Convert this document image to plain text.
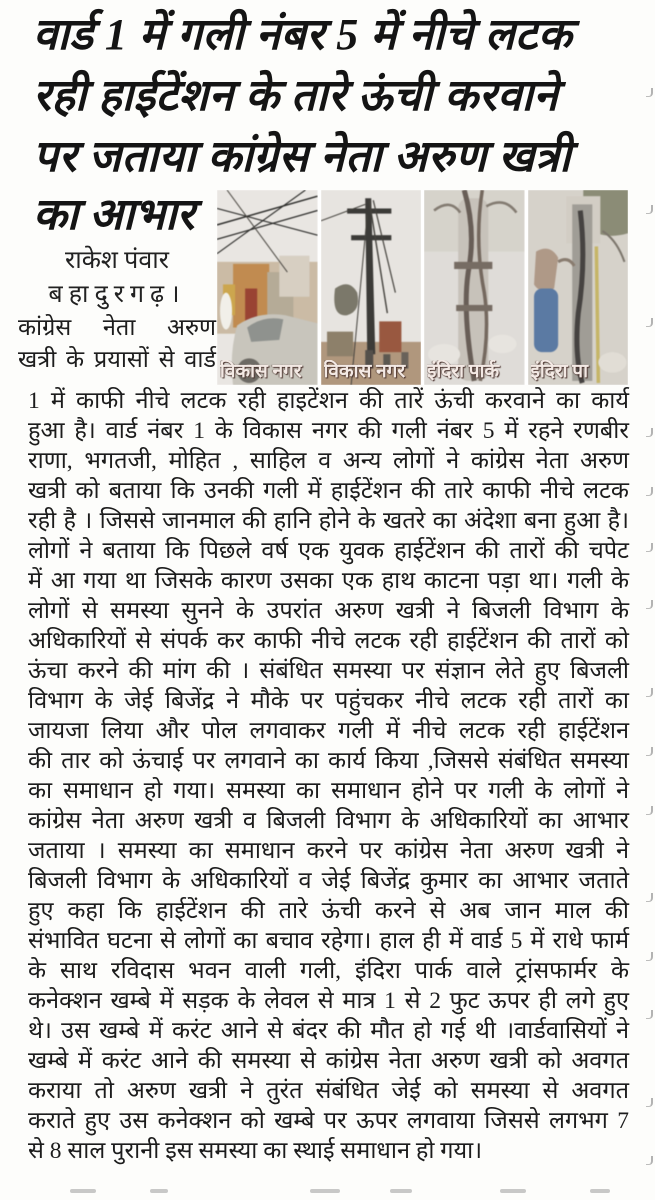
वार्ड 1 में गली नंबर 5 में नीचे लटक
रही हाईटेंशन के तारे ऊंची करवाने
पर जताया कांग्रेस नेता अरुण खत्री
का आभार
राकेश पंवार
बहादुरगढ़।
कांग्रेस नेता अरुण
खत्री के प्रयासों से वार्ड विकास नगर	विकास नगर	इंदिरा पार्क	इंदिरा पा
1 में काफी नीचे लटक रही हाइटेंशन की तारें ऊंची करवाने का कार्य
हुआ है। वार्ड नंबर 1 के विकास नगर की गली नंबर 5 में रहने रणबीर
राणा, भगतजी, मोहित , साहिल व अन्य लोगों ने कांग्रेस नेता अरुण
खत्री को बताया कि उनकी गली में हाईटेंशन की तारे काफी नीचे लटक
रही है । जिससे जानमाल की हानि होने के खतरे का अंदेशा बना हुआ है।
लोगों ने बताया कि पिछले वर्ष एक युवक हाईटेंशन की तारों की चपेट
में आ गया था जिसके कारण उसका एक हाथ काटना पड़ा था। गली के
लोगों से समस्या सुनने के उपरांत अरुण खत्री ने बिजली विभाग के
अधिकारियों से संपर्क कर काफी नीचे लटक रही हाईटेंशन की तारों को
ऊंचा करने की मांग की । संबंधित समस्या पर संज्ञान लेते हुए बिजली
विभाग के जेई बिजेंद्र ने मौके पर पहुंचकर नीचे लटक रही तारों का
जायजा लिया और पोल लगवाकर गली में नीचे लटक रही हाईटेंशन
की तार को ऊंचाई पर लगवाने का कार्य किया ,जिससे संबंधित समस्या
का समाधान हो गया। समस्या का समाधान होने पर गली के लोगों ने
कांग्रेस नेता अरुण खत्री व बिजली विभाग के अधिकारियों का आभार
जताया । समस्या का समाधान करने पर कांग्रेस नेता अरुण खत्री ने
बिजली विभाग के अधिकारियों व जेई बिजेंद्र कुमार का आभार जताते
हुए कहा कि हाईटेंशन की तारे ऊंची करने से अब जान माल की
संभावित घटना से लोगों का बचाव रहेगा। हाल ही में वार्ड 5 में राधे फार्म
के साथ रविदास भवन वाली गली, इंदिरा पार्क वाले ट्रांसफार्मर के
कनेक्शन खम्बे में सड़क के लेवल से मात्र 1 से 2 फुट ऊपर ही लगे हुए
थे। उस खम्बे में करंट आने से बंदर की मौत हो गई थी ।वार्डवासियों ने
खम्बे में करंट आने की समस्या से कांग्रेस नेता अरुण खत्री को अवगत
कराया तो अरुण खत्री ने तुरंत संबंधित जेई को समस्या से अवगत
कराते हुए उस कनेक्शन को खम्बे पर ऊपर लगवाया जिससे लगभग 7
से 8 साल पुरानी इस समस्या का स्थाई समाधान हो गया।
